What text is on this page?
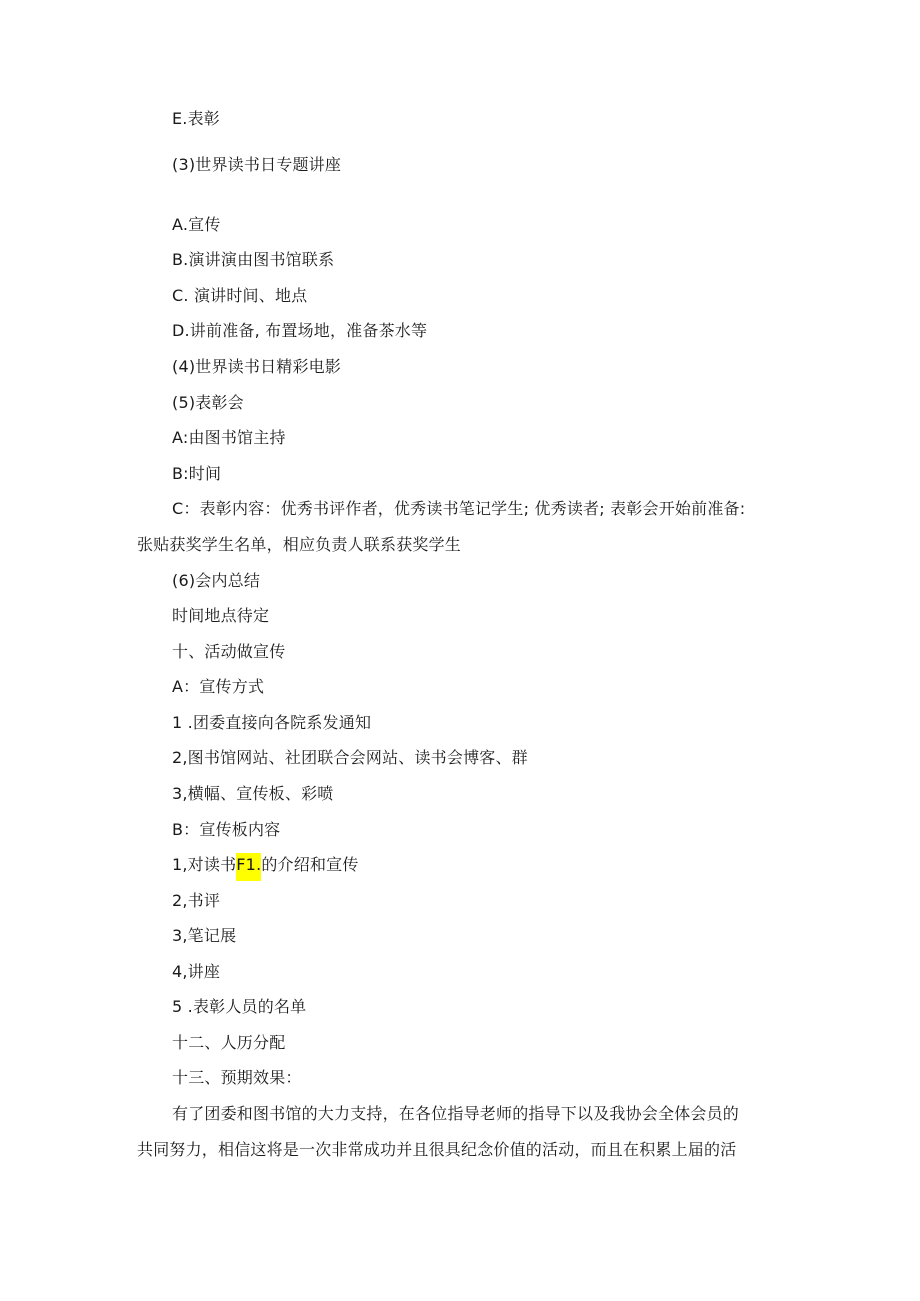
E.表彰
(3)世界读书日专题讲座
A.宣传
B.演讲演由图书馆联系
C. 演讲时间、地点
D.讲前准备, 布置场地，准备茶水等
(4)世界读书日精彩电影
(5)表彰会
A:由图书馆主持
B:时间
C：表彰内容：优秀书评作者，优秀读书笔记学生; 优秀读者; 表彰会开始前准备:
张贴获奖学生名单，相应负责人联系获奖学生
(6)会内总结
时间地点待定
十、活动做宣传
A：宣传方式
1 .团委直接向各院系发通知
2,图书馆网站、社团联合会网站、读书会博客、群
3,横幅、宣传板、彩喷
B：宣传板内容
1,对读书F1.的介绍和宣传
2,书评
3,笔记展
4,讲座
5 .表彰人员的名单
十二、人历分配
十三、预期效果：
有了团委和图书馆的大力支持，在各位指导老师的指导下以及我协会全体会员的
共同努力，相信这将是一次非常成功并且很具纪念价值的活动，而且在积累上届的活
